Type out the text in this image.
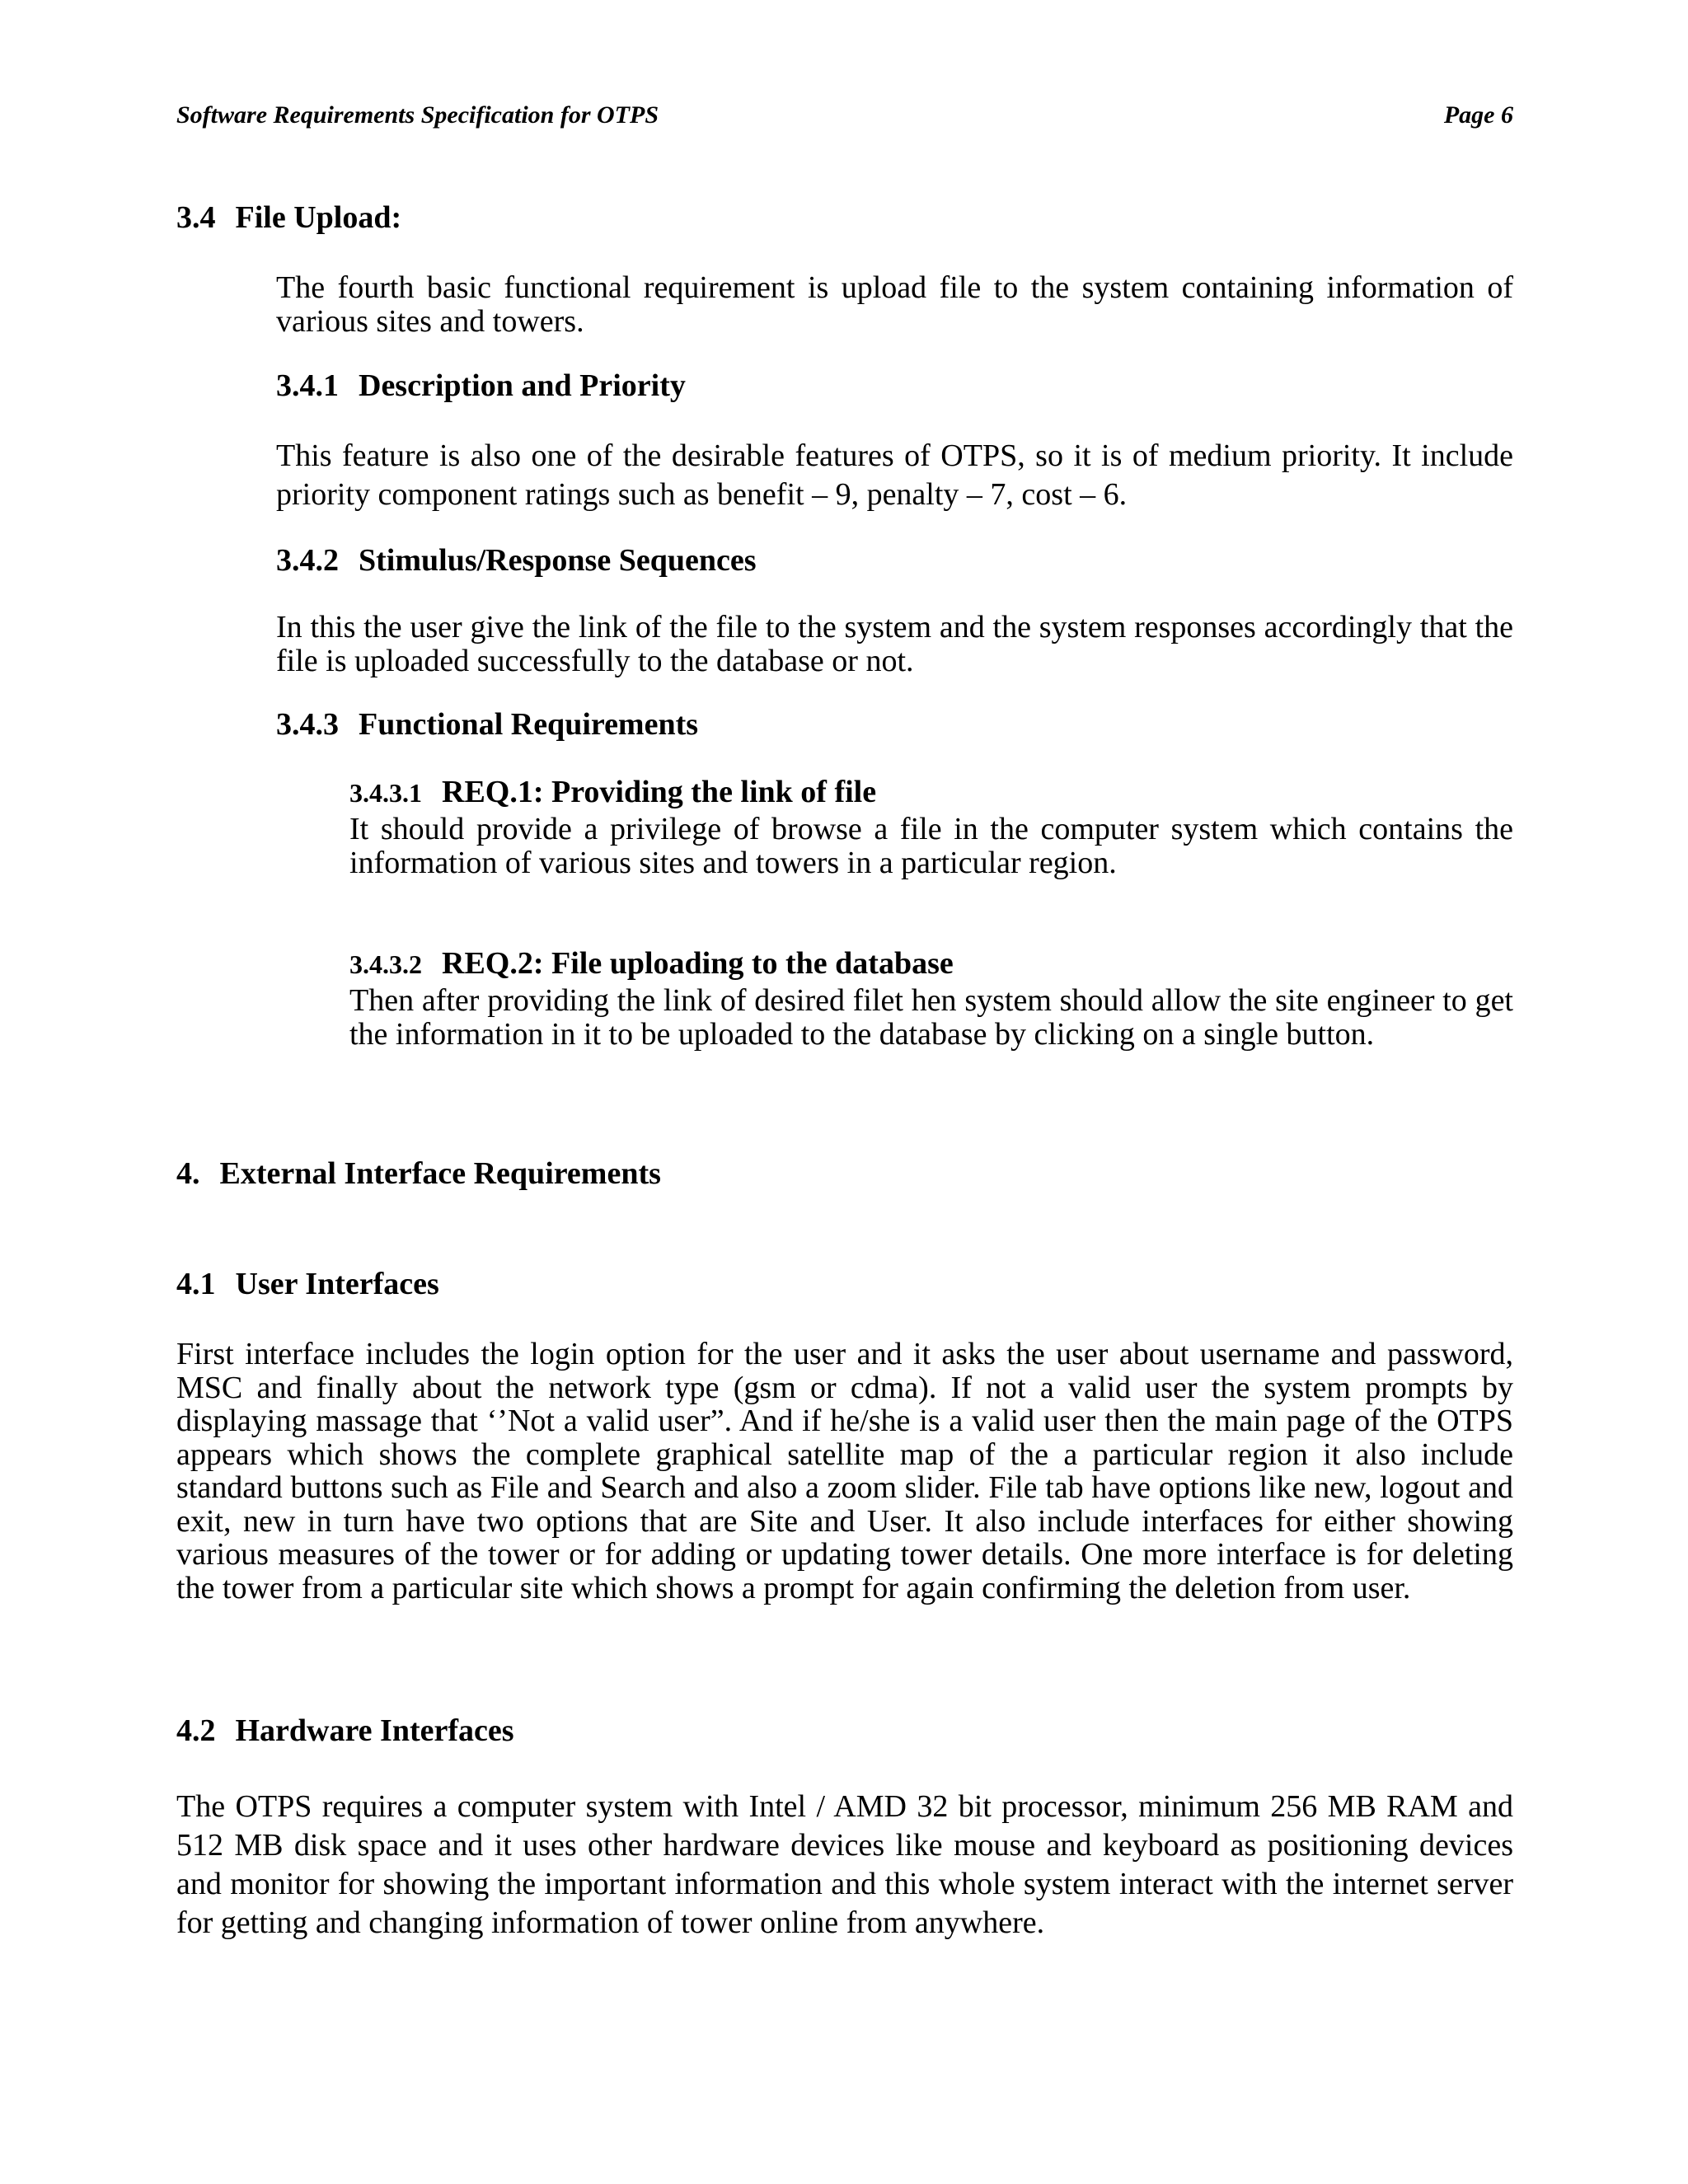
Software Requirements Specification for OTPS	Page 6
3.4 File Upload:

The fourth basic functional requirement is upload file to the system containing information of various sites and towers.

3.4.1 Description and Priority

This feature is also one of the desirable features of OTPS, so it is of medium priority. It include priority component ratings such as benefit – 9, penalty – 7, cost – 6.

3.4.2 Stimulus/Response Sequences

In this the user give the link of the file to the system and the system responses accordingly that the file is uploaded successfully to the database or not.

3.4.3 Functional Requirements
3.4.3.1 REQ.1: Providing the link of file

It should provide a privilege of browse a file in the computer system which contains the information of various sites and towers in a particular region.

3.4.3.2 REQ.2: File uploading to the database

Then after providing the link of desired filet hen system should allow the site engineer to get the information in it to be uploaded to the database by clicking on a single button.

4. External Interface Requirements
4.1 User Interfaces

First interface includes the login option for the user and it asks the user about username and password, MSC and finally about the network type (gsm or cdma). If not a valid user the system prompts by displaying massage that ‘’Not a valid user”. And if he/she is a valid user then the main page of the OTPS appears which shows the complete graphical satellite map of the a particular region it also include standard buttons such as File and Search and also a zoom slider. File tab have options like new, logout and exit, new in turn have two options that are Site and User. It also include interfaces for either showing various measures of the tower or for adding or updating tower details. One more interface is for deleting the tower from a particular site which shows a prompt for again confirming the deletion from user.

4.2 Hardware Interfaces

The OTPS requires a computer system with Intel / AMD 32 bit processor, minimum 256 MB RAM and 512 MB disk space and it uses other hardware devices like mouse and keyboard as positioning devices and monitor for showing the important information and this whole system interact with the internet server for getting and changing information of tower online from anywhere.
